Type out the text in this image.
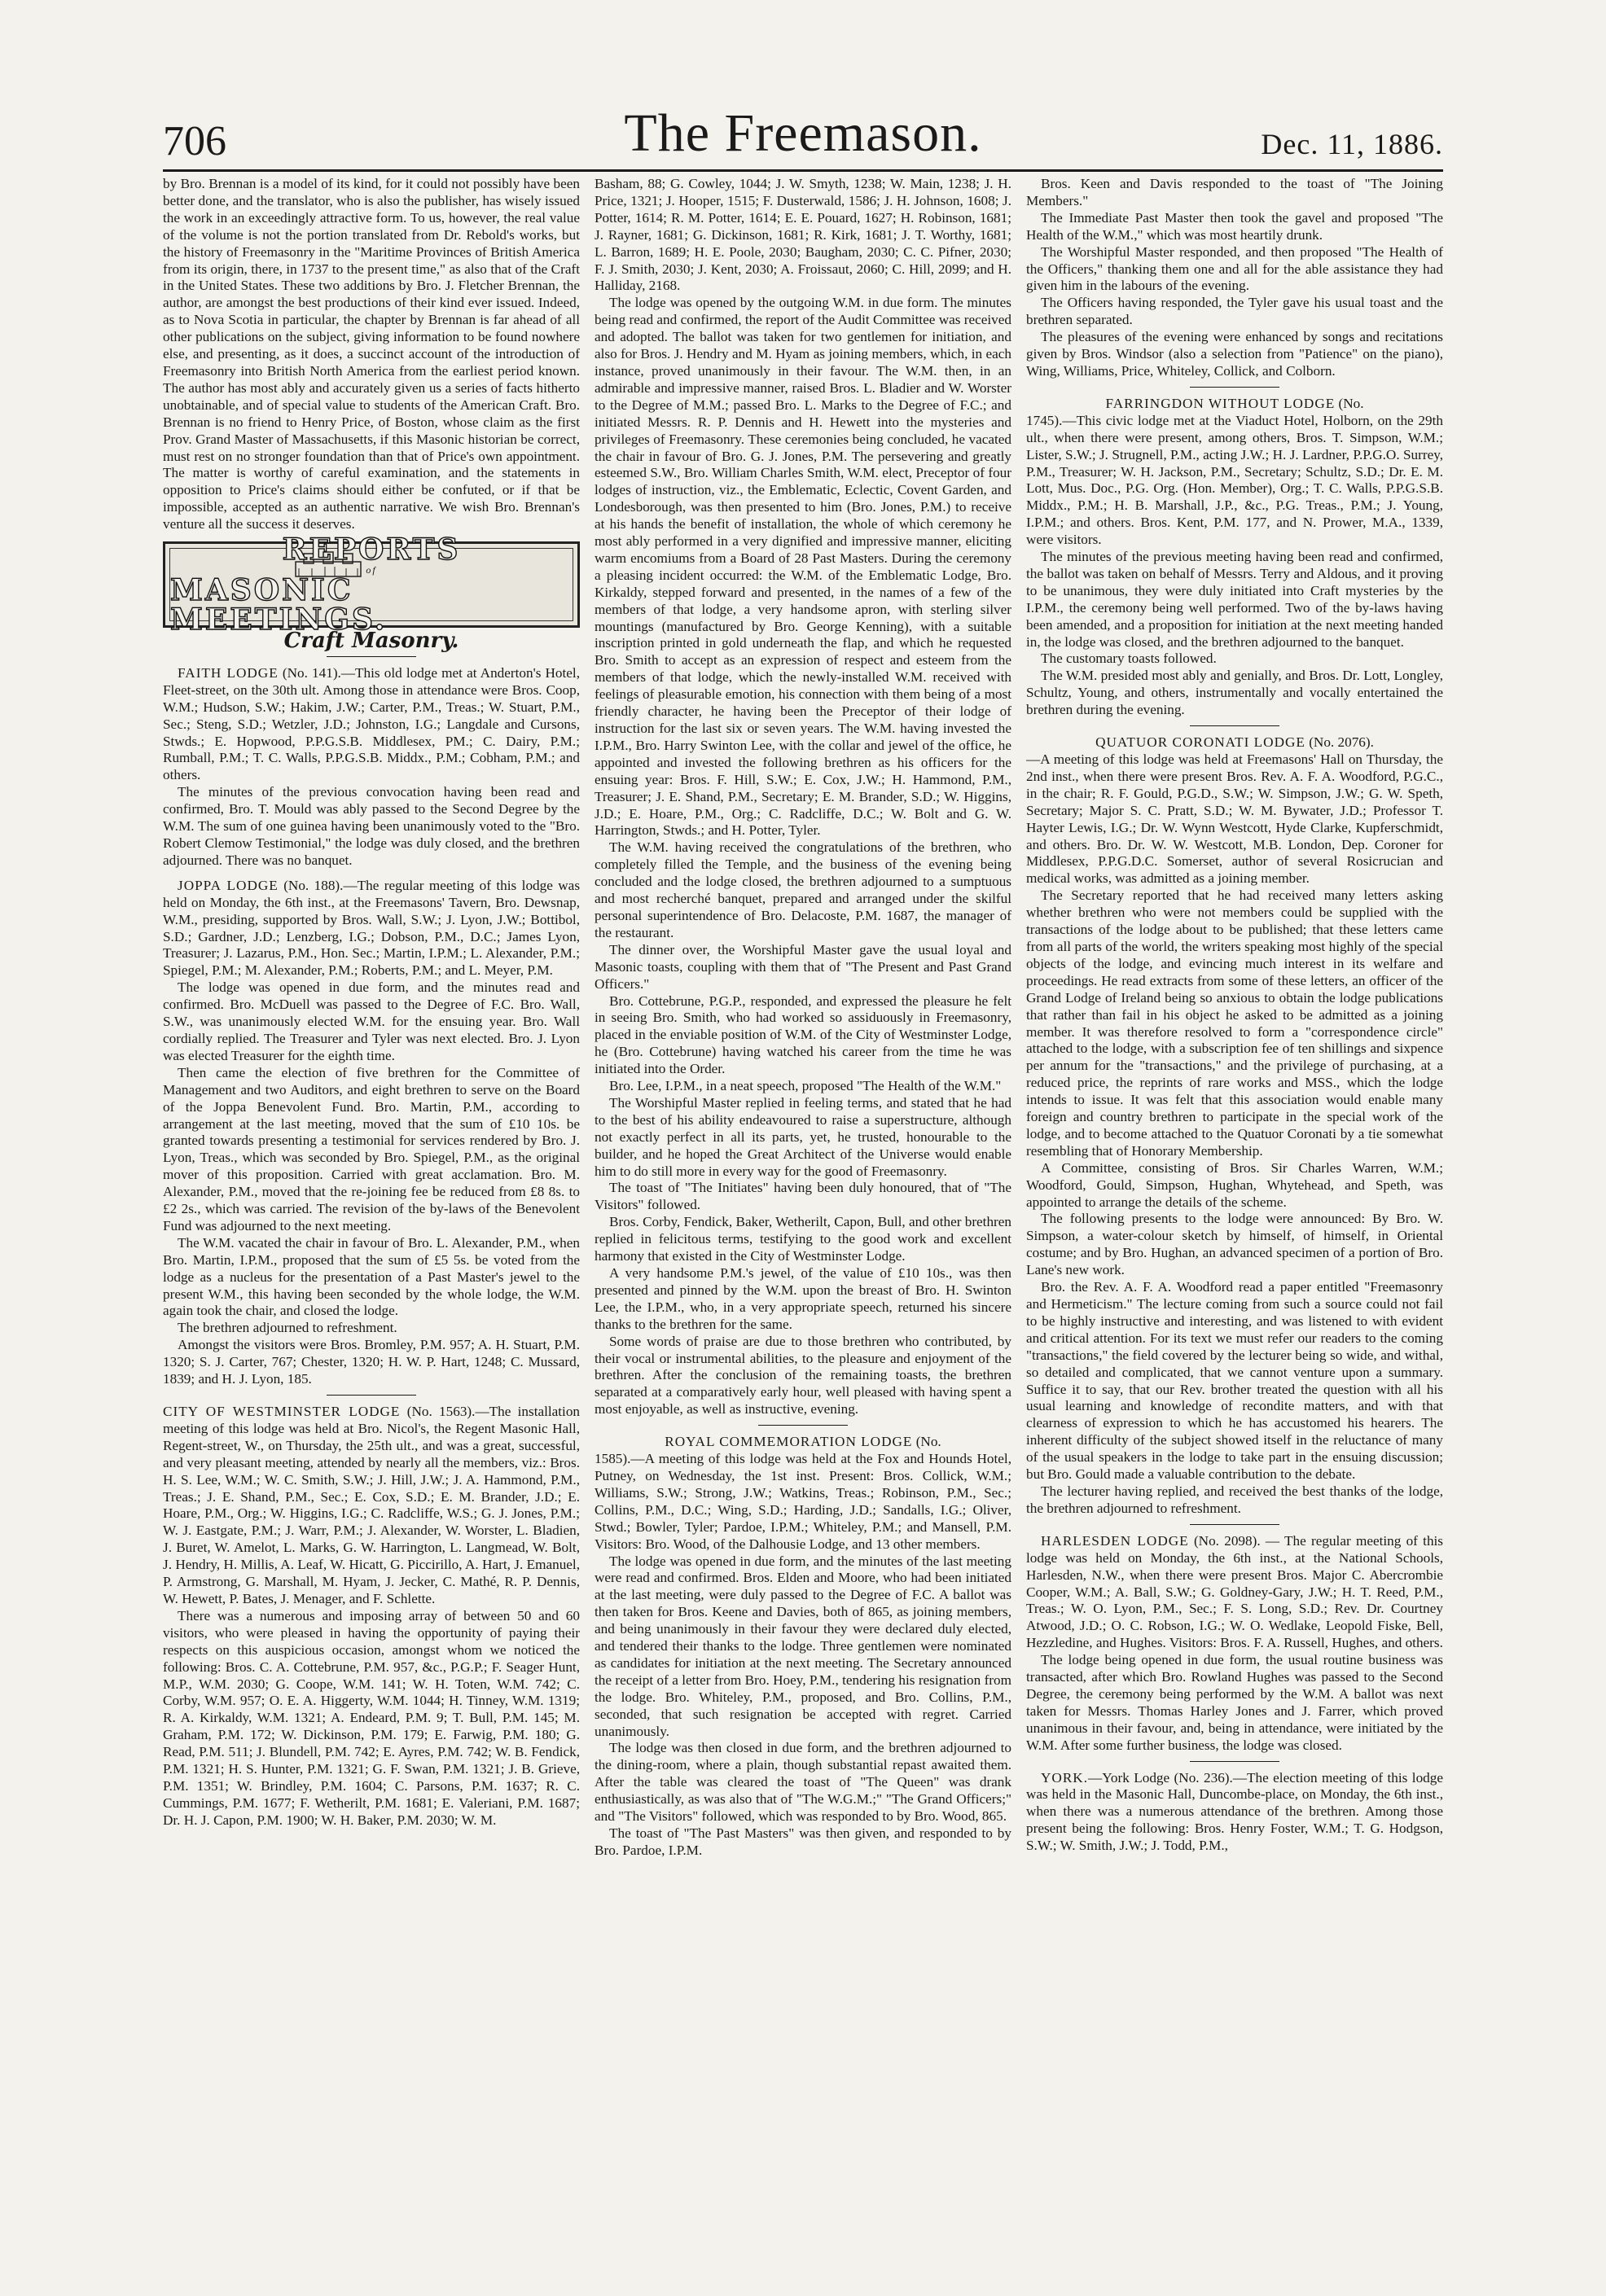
706	The Freemason.	Dec. 11, 1886.

by Bro. Brennan is a model of its kind, for it could not possibly have been better done, and the translator, who is also the publisher, has wisely issued the work in an exceedingly attractive form. To us, however, the real value of the volume is not the portion translated from Dr. Rebold's works, but the history of Freemasonry in the "Maritime Provinces of British America from its origin, there, in 1737 to the present time," as also that of the Craft in the United States. These two additions by Bro. J. Fletcher Brennan, the author, are amongst the best productions of their kind ever issued. Indeed, as to Nova Scotia in particular, the chapter by Brennan is far ahead of all other publications on the subject, giving information to be found nowhere else, and presenting, as it does, a succinct account of the introduction of Freemasonry into British North America from the earliest period known. The author has most ably and accurately given us a series of facts hitherto unobtainable, and of special value to students of the American Craft. Bro. Brennan is no friend to Henry Price, of Boston, whose claim as the first Prov. Grand Master of Massachusetts, if this Masonic historian be correct, must rest on no stronger foundation than that of Price's own appointment. The matter is worthy of careful examination, and the statements in opposition to Price's claims should either be confuted, or if that be impossible, accepted as an authentic narrative. We wish Bro. Brennan's venture all the success it deserves.

REPORTS
of
MASONIC MEETINGS.
Craft Masonry.

FAITH LODGE (No. 141).—This old lodge met at Anderton's Hotel, Fleet-street, on the 30th ult. Among those in attendance were Bros. Coop, W.M.; Hudson, S.W.; Hakim, J.W.; Carter, P.M., Treas.; W. Stuart, P.M., Sec.; Steng, S.D.; Wetzler, J.D.; Johnston, I.G.; Langdale and Cursons, Stwds.; E. Hopwood, P.P.G.S.B. Middlesex, PM.; C. Dairy, P.M.; Rumball, P.M.; T. C. Walls, P.P.G.S.B. Middx., P.M.; Cobham, P.M.; and others.

The minutes of the previous convocation having been read and confirmed, Bro. T. Mould was ably passed to the Second Degree by the W.M. The sum of one guinea having been unanimously voted to the "Bro. Robert Clemow Testimonial," the lodge was duly closed, and the brethren adjourned. There was no banquet.

JOPPA LODGE (No. 188).—The regular meeting of this lodge was held on Monday, the 6th inst., at the Freemasons' Tavern, Bro. Dewsnap, W.M., presiding, supported by Bros. Wall, S.W.; J. Lyon, J.W.; Bottibol, S.D.; Gardner, J.D.; Lenzberg, I.G.; Dobson, P.M., D.C.; James Lyon, Treasurer; J. Lazarus, P.M., Hon. Sec.; Martin, I.P.M.; L. Alexander, P.M.; Spiegel, P.M.; M. Alexander, P.M.; Roberts, P.M.; and L. Meyer, P.M.

The lodge was opened in due form, and the minutes read and confirmed. Bro. McDuell was passed to the Degree of F.C. Bro. Wall, S.W., was unanimously elected W.M. for the ensuing year. Bro. Wall cordially replied. The Treasurer and Tyler was next elected. Bro. J. Lyon was elected Treasurer for the eighth time.

Then came the election of five brethren for the Committee of Management and two Auditors, and eight brethren to serve on the Board of the Joppa Benevolent Fund. Bro. Martin, P.M., according to arrangement at the last meeting, moved that the sum of £10 10s. be granted towards presenting a testimonial for services rendered by Bro. J. Lyon, Treas., which was seconded by Bro. Spiegel, P.M., as the original mover of this proposition. Carried with great acclamation. Bro. M. Alexander, P.M., moved that the re-joining fee be reduced from £8 8s. to £2 2s., which was carried. The revision of the by-laws of the Benevolent Fund was adjourned to the next meeting.

The W.M. vacated the chair in favour of Bro. L. Alexander, P.M., when Bro. Martin, I.P.M., proposed that the sum of £5 5s. be voted from the lodge as a nucleus for the presentation of a Past Master's jewel to the present W.M., this having been seconded by the whole lodge, the W.M. again took the chair, and closed the lodge.

The brethren adjourned to refreshment.

Amongst the visitors were Bros. Bromley, P.M. 957; A. H. Stuart, P.M. 1320; S. J. Carter, 767; Chester, 1320; H. W. P. Hart, 1248; C. Mussard, 1839; and H. J. Lyon, 185.

CITY OF WESTMINSTER LODGE (No. 1563).—The installation meeting of this lodge was held at Bro. Nicol's, the Regent Masonic Hall, Regent-street, W., on Thursday, the 25th ult., and was a great, successful, and very pleasant meeting, attended by nearly all the members, viz.: Bros. H. S. Lee, W.M.; W. C. Smith, S.W.; J. Hill, J.W.; J. A. Hammond, P.M., Treas.; J. E. Shand, P.M., Sec.; E. Cox, S.D.; E. M. Brander, J.D.; E. Hoare, P.M., Org.; W. Higgins, I.G.; C. Radcliffe, W.S.; G. J. Jones, P.M.; W. J. Eastgate, P.M.; J. Warr, P.M.; J. Alexander, W. Worster, L. Bladien, J. Buret, W. Amelot, L. Marks, G. W. Harrington, L. Langmead, W. Bolt, J. Hendry, H. Millis, A. Leaf, W. Hicatt, G. Piccirillo, A. Hart, J. Emanuel, P. Armstrong, G. Marshall, M. Hyam, J. Jecker, C. Mathé, R. P. Dennis, W. Hewett, P. Bates, J. Menager, and F. Schlette.

There was a numerous and imposing array of between 50 and 60 visitors, who were pleased in having the opportunity of paying their respects on this auspicious occasion, amongst whom we noticed the following: Bros. C. A. Cottebrune, P.M. 957, &c., P.G.P.; F. Seager Hunt, M.P., W.M. 2030; G. Coope, W.M. 141; W. H. Toten, W.M. 742; C. Corby, W.M. 957; O. E. A. Higgerty, W.M. 1044; H. Tinney, W.M. 1319; R. A. Kirkaldy, W.M. 1321; A. Endeard, P.M. 9; T. Bull, P.M. 145; M. Graham, P.M. 172; W. Dickinson, P.M. 179; E. Farwig, P.M. 180; G. Read, P.M. 511; J. Blundell, P.M. 742; E. Ayres, P.M. 742; W. B. Fendick, P.M. 1321; H. S. Hunter, P.M. 1321; G. F. Swan, P.M. 1321; J. B. Grieve, P.M. 1351; W. Brindley, P.M. 1604; C. Parsons, P.M. 1637; R. C. Cummings, P.M. 1677; F. Wetherilt, P.M. 1681; E. Valeriani, P.M. 1687; Dr. H. J. Capon, P.M. 1900; W. H. Baker, P.M. 2030; W. M.

Basham, 88; G. Cowley, 1044; J. W. Smyth, 1238; W. Main, 1238; J. H. Price, 1321; J. Hooper, 1515; F. Dusterwald, 1586; J. H. Johnson, 1608; J. Potter, 1614; R. M. Potter, 1614; E. E. Pouard, 1627; H. Robinson, 1681; J. Rayner, 1681; G. Dickinson, 1681; R. Kirk, 1681; J. T. Worthy, 1681; L. Barron, 1689; H. E. Poole, 2030; Baugham, 2030; C. C. Pifner, 2030; F. J. Smith, 2030; J. Kent, 2030; A. Froissaut, 2060; C. Hill, 2099; and H. Halliday, 2168.

The lodge was opened by the outgoing W.M. in due form. The minutes being read and confirmed, the report of the Audit Committee was received and adopted. The ballot was taken for two gentlemen for initiation, and also for Bros. J. Hendry and M. Hyam as joining members, which, in each instance, proved unanimously in their favour. The W.M. then, in an admirable and impressive manner, raised Bros. L. Bladier and W. Worster to the Degree of M.M.; passed Bro. L. Marks to the Degree of F.C.; and initiated Messrs. R. P. Dennis and H. Hewett into the mysteries and privileges of Freemasonry. These ceremonies being concluded, he vacated the chair in favour of Bro. G. J. Jones, P.M. The persevering and greatly esteemed S.W., Bro. William Charles Smith, W.M. elect, Preceptor of four lodges of instruction, viz., the Emblematic, Eclectic, Covent Garden, and Londesborough, was then presented to him (Bro. Jones, P.M.) to receive at his hands the benefit of installation, the whole of which ceremony he most ably performed in a very dignified and impressive manner, eliciting warm encomiums from a Board of 28 Past Masters. During the ceremony a pleasing incident occurred: the W.M. of the Emblematic Lodge, Bro. Kirkaldy, stepped forward and presented, in the names of a few of the members of that lodge, a very handsome apron, with sterling silver mountings (manufactured by Bro. George Kenning), with a suitable inscription printed in gold underneath the flap, and which he requested Bro. Smith to accept as an expression of respect and esteem from the members of that lodge, which the newly-installed W.M. received with feelings of pleasurable emotion, his connection with them being of a most friendly character, he having been the Preceptor of their lodge of instruction for the last six or seven years. The W.M. having invested the I.P.M., Bro. Harry Swinton Lee, with the collar and jewel of the office, he appointed and invested the following brethren as his officers for the ensuing year: Bros. F. Hill, S.W.; E. Cox, J.W.; H. Hammond, P.M., Treasurer; J. E. Shand, P.M., Secretary; E. M. Brander, S.D.; W. Higgins, J.D.; E. Hoare, P.M., Org.; C. Radcliffe, D.C.; W. Bolt and G. W. Harrington, Stwds.; and H. Potter, Tyler.

The W.M. having received the congratulations of the brethren, who completely filled the Temple, and the business of the evening being concluded and the lodge closed, the brethren adjourned to a sumptuous and most recherché banquet, prepared and arranged under the skilful personal superintendence of Bro. Delacoste, P.M. 1687, the manager of the restaurant.

The dinner over, the Worshipful Master gave the usual loyal and Masonic toasts, coupling with them that of "The Present and Past Grand Officers."

Bro. Cottebrune, P.G.P., responded, and expressed the pleasure he felt in seeing Bro. Smith, who had worked so assiduously in Freemasonry, placed in the enviable position of W.M. of the City of Westminster Lodge, he (Bro. Cottebrune) having watched his career from the time he was initiated into the Order.

Bro. Lee, I.P.M., in a neat speech, proposed "The Health of the W.M."

The Worshipful Master replied in feeling terms, and stated that he had to the best of his ability endeavoured to raise a superstructure, although not exactly perfect in all its parts, yet, he trusted, honourable to the builder, and he hoped the Great Architect of the Universe would enable him to do still more in every way for the good of Freemasonry.

The toast of "The Initiates" having been duly honoured, that of "The Visitors" followed.

Bros. Corby, Fendick, Baker, Wetherilt, Capon, Bull, and other brethren replied in felicitous terms, testifying to the good work and excellent harmony that existed in the City of Westminster Lodge.

A very handsome P.M.'s jewel, of the value of £10 10s., was then presented and pinned by the W.M. upon the breast of Bro. H. Swinton Lee, the I.P.M., who, in a very appropriate speech, returned his sincere thanks to the brethren for the same.

Some words of praise are due to those brethren who contributed, by their vocal or instrumental abilities, to the pleasure and enjoyment of the brethren. After the conclusion of the remaining toasts, the brethren separated at a comparatively early hour, well pleased with having spent a most enjoyable, as well as instructive, evening.

ROYAL COMMEMORATION LODGE (No.

1585).—A meeting of this lodge was held at the Fox and Hounds Hotel, Putney, on Wednesday, the 1st inst. Present: Bros. Collick, W.M.; Williams, S.W.; Strong, J.W.; Watkins, Treas.; Robinson, P.M., Sec.; Collins, P.M., D.C.; Wing, S.D.; Harding, J.D.; Sandalls, I.G.; Oliver, Stwd.; Bowler, Tyler; Pardoe, I.P.M.; Whiteley, P.M.; and Mansell, P.M. Visitors: Bro. Wood, of the Dalhousie Lodge, and 13 other members.

The lodge was opened in due form, and the minutes of the last meeting were read and confirmed. Bros. Elden and Moore, who had been initiated at the last meeting, were duly passed to the Degree of F.C. A ballot was then taken for Bros. Keene and Davies, both of 865, as joining members, and being unanimously in their favour they were declared duly elected, and tendered their thanks to the lodge. Three gentlemen were nominated as candidates for initiation at the next meeting. The Secretary announced the receipt of a letter from Bro. Hoey, P.M., tendering his resignation from the lodge. Bro. Whiteley, P.M., proposed, and Bro. Collins, P.M., seconded, that such resignation be accepted with regret. Carried unanimously.

The lodge was then closed in due form, and the brethren adjourned to the dining-room, where a plain, though substantial repast awaited them. After the table was cleared the toast of "The Queen" was drank enthusiastically, as was also that of "The W.G.M.;" "The Grand Officers;" and "The Visitors" followed, which was responded to by Bro. Wood, 865.

The toast of "The Past Masters" was then given, and responded to by Bro. Pardoe, I.P.M.

Bros. Keen and Davis responded to the toast of "The Joining Members."

The Immediate Past Master then took the gavel and proposed "The Health of the W.M.," which was most heartily drunk.

The Worshipful Master responded, and then proposed "The Health of the Officers," thanking them one and all for the able assistance they had given him in the labours of the evening.

The Officers having responded, the Tyler gave his usual toast and the brethren separated.

The pleasures of the evening were enhanced by songs and recitations given by Bros. Windsor (also a selection from "Patience" on the piano), Wing, Williams, Price, Whiteley, Collick, and Colborn.

FARRINGDON WITHOUT LODGE (No.

1745).—This civic lodge met at the Viaduct Hotel, Holborn, on the 29th ult., when there were present, among others, Bros. T. Simpson, W.M.; Lister, S.W.; J. Strugnell, P.M., acting J.W.; H. J. Lardner, P.P.G.O. Surrey, P.M., Treasurer; W. H. Jackson, P.M., Secretary; Schultz, S.D.; Dr. E. M. Lott, Mus. Doc., P.G. Org. (Hon. Member), Org.; T. C. Walls, P.P.G.S.B. Middx., P.M.; H. B. Marshall, J.P., &c., P.G. Treas., P.M.; J. Young, I.P.M.; and others. Bros. Kent, P.M. 177, and N. Prower, M.A., 1339, were visitors.

The minutes of the previous meeting having been read and confirmed, the ballot was taken on behalf of Messrs. Terry and Aldous, and it proving to be unanimous, they were duly initiated into Craft mysteries by the I.P.M., the ceremony being well performed. Two of the by-laws having been amended, and a proposition for initiation at the next meeting handed in, the lodge was closed, and the brethren adjourned to the banquet.

The customary toasts followed.

The W.M. presided most ably and genially, and Bros. Dr. Lott, Longley, Schultz, Young, and others, instrumentally and vocally entertained the brethren during the evening.

QUATUOR CORONATI LODGE (No. 2076).

—A meeting of this lodge was held at Freemasons' Hall on Thursday, the 2nd inst., when there were present Bros. Rev. A. F. A. Woodford, P.G.C., in the chair; R. F. Gould, P.G.D., S.W.; W. Simpson, J.W.; G. W. Speth, Secretary; Major S. C. Pratt, S.D.; W. M. Bywater, J.D.; Professor T. Hayter Lewis, I.G.; Dr. W. Wynn Westcott, Hyde Clarke, Kupferschmidt, and others. Bro. Dr. W. W. Westcott, M.B. London, Dep. Coroner for Middlesex, P.P.G.D.C. Somerset, author of several Rosicrucian and medical works, was admitted as a joining member.

The Secretary reported that he had received many letters asking whether brethren who were not members could be supplied with the transactions of the lodge about to be published; that these letters came from all parts of the world, the writers speaking most highly of the special objects of the lodge, and evincing much interest in its welfare and proceedings. He read extracts from some of these letters, an officer of the Grand Lodge of Ireland being so anxious to obtain the lodge publications that rather than fail in his object he asked to be admitted as a joining member. It was therefore resolved to form a "correspondence circle" attached to the lodge, with a subscription fee of ten shillings and sixpence per annum for the "transactions," and the privilege of purchasing, at a reduced price, the reprints of rare works and MSS., which the lodge intends to issue. It was felt that this association would enable many foreign and country brethren to participate in the special work of the lodge, and to become attached to the Quatuor Coronati by a tie somewhat resembling that of Honorary Membership.

A Committee, consisting of Bros. Sir Charles Warren, W.M.; Woodford, Gould, Simpson, Hughan, Whytehead, and Speth, was appointed to arrange the details of the scheme.

The following presents to the lodge were announced: By Bro. W. Simpson, a water-colour sketch by himself, of himself, in Oriental costume; and by Bro. Hughan, an advanced specimen of a portion of Bro. Lane's new work.

Bro. the Rev. A. F. A. Woodford read a paper entitled "Freemasonry and Hermeticism." The lecture coming from such a source could not fail to be highly instructive and interesting, and was listened to with evident and critical attention. For its text we must refer our readers to the coming "transactions," the field covered by the lecturer being so wide, and withal, so detailed and complicated, that we cannot venture upon a summary. Suffice it to say, that our Rev. brother treated the question with all his usual learning and knowledge of recondite matters, and with that clearness of expression to which he has accustomed his hearers. The inherent difficulty of the subject showed itself in the reluctance of many of the usual speakers in the lodge to take part in the ensuing discussion; but Bro. Gould made a valuable contribution to the debate.

The lecturer having replied, and received the best thanks of the lodge, the brethren adjourned to refreshment.

HARLESDEN LODGE (No. 2098). — The regular meeting of this lodge was held on Monday, the 6th inst., at the National Schools, Harlesden, N.W., when there were present Bros. Major C. Abercrombie Cooper, W.M.; A. Ball, S.W.; G. Goldney-Gary, J.W.; H. T. Reed, P.M., Treas.; W. O. Lyon, P.M., Sec.; F. S. Long, S.D.; Rev. Dr. Courtney Atwood, J.D.; O. C. Robson, I.G.; W. O. Wedlake, Leopold Fiske, Bell, Hezzledine, and Hughes. Visitors: Bros. F. A. Russell, Hughes, and others.

The lodge being opened in due form, the usual routine business was transacted, after which Bro. Rowland Hughes was passed to the Second Degree, the ceremony being performed by the W.M. A ballot was next taken for Messrs. Thomas Harley Jones and J. Farrer, which proved unanimous in their favour, and, being in attendance, were initiated by the W.M. After some further business, the lodge was closed.

YORK.—York Lodge (No. 236).—The election meeting of this lodge was held in the Masonic Hall, Duncombe-place, on Monday, the 6th inst., when there was a numerous attendance of the brethren. Among those present being the following: Bros. Henry Foster, W.M.; T. G. Hodgson, S.W.; W. Smith, J.W.; J. Todd, P.M.,
